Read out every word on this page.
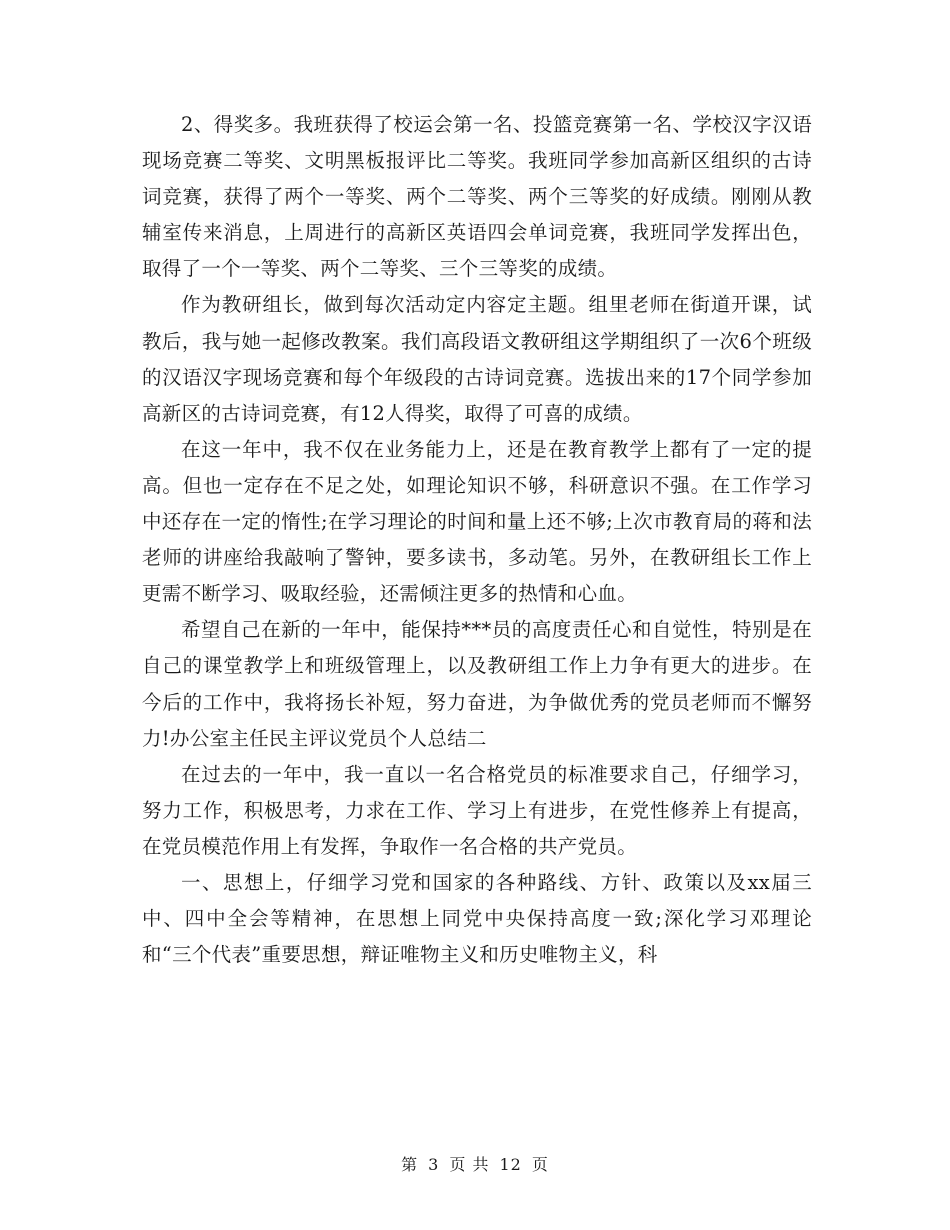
2、得奖多。我班获得了校运会第一名、投篮竞赛第一名、学校汉字汉语现场竞赛二等奖、文明黑板报评比二等奖。我班同学参加高新区组织的古诗词竞赛，获得了两个一等奖、两个二等奖、两个三等奖的好成绩。刚刚从教辅室传来消息，上周进行的高新区英语四会单词竞赛，我班同学发挥出色，取得了一个一等奖、两个二等奖、三个三等奖的成绩。

作为教研组长，做到每次活动定内容定主题。组里老师在街道开课，试教后，我与她一起修改教案。我们高段语文教研组这学期组织了一次6个班级的汉语汉字现场竞赛和每个年级段的古诗词竞赛。选拔出来的17个同学参加高新区的古诗词竞赛，有12人得奖，取得了可喜的成绩。

在这一年中，我不仅在业务能力上，还是在教育教学上都有了一定的提高。但也一定存在不足之处，如理论知识不够，科研意识不强。在工作学习中还存在一定的惰性;在学习理论的时间和量上还不够;上次市教育局的蒋和法老师的讲座给我敲响了警钟，要多读书，多动笔。另外，在教研组长工作上更需不断学习、吸取经验，还需倾注更多的热情和心血。

希望自己在新的一年中，能保持***员的高度责任心和自觉性，特别是在自己的课堂教学上和班级管理上，以及教研组工作上力争有更大的进步。在今后的工作中，我将扬长补短，努力奋进，为争做优秀的党员老师而不懈努力!办公室主任民主评议党员个人总结二

在过去的一年中，我一直以一名合格党员的标准要求自己，仔细学习，努力工作，积极思考，力求在工作、学习上有进步，在党性修养上有提高，在党员模范作用上有发挥，争取作一名合格的共产党员。

一、思想上，仔细学习党和国家的各种路线、方针、政策以及xx届三中、四中全会等精神，在思想上同党中央保持高度一致;深化学习邓理论和“三个代表”重要思想，辩证唯物主义和历史唯物主义，科

第 3 页 共 12 页
